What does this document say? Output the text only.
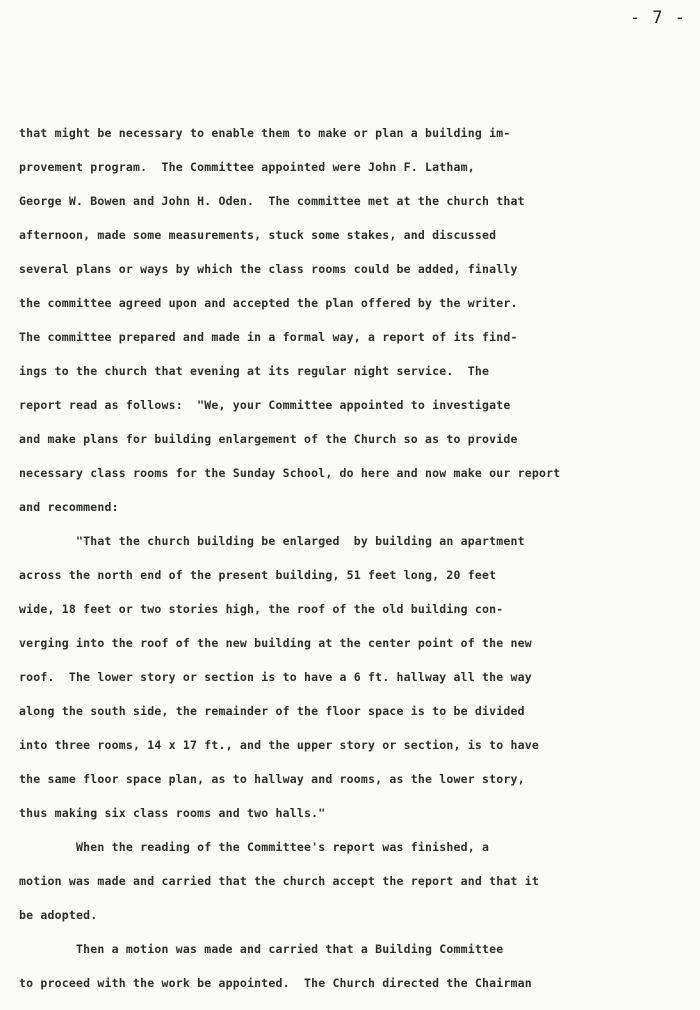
- 7 -
that might be necessary to enable them to make or plan a building im-
provement program.  The Committee appointed were John F. Latham,
George W. Bowen and John H. Oden.  The committee met at the church that
afternoon, made some measurements, stuck some stakes, and discussed
several plans or ways by which the class rooms could be added, finally
the committee agreed upon and accepted the plan offered by the writer.
The committee prepared and made in a formal way, a report of its find-
ings to the church that evening at its regular night service.  The
report read as follows:  "We, your Committee appointed to investigate
and make plans for building enlargement of the Church so as to provide
necessary class rooms for the Sunday School, do here and now make our report
and recommend:
"That the church building be enlarged  by building an apartment
across the north end of the present building, 51 feet long, 20 feet
wide, 18 feet or two stories high, the roof of the old building con-
verging into the roof of the new building at the center point of the new
roof.  The lower story or section is to have a 6 ft. hallway all the way
along the south side, the remainder of the floor space is to be divided
into three rooms, 14 x 17 ft., and the upper story or section, is to have
the same floor space plan, as to hallway and rooms, as the lower story,
thus making six class rooms and two halls."
When the reading of the Committee's report was finished, a
motion was made and carried that the church accept the report and that it
be adopted.
Then a motion was made and carried that a Building Committee
to proceed with the work be appointed.  The Church directed the Chairman
